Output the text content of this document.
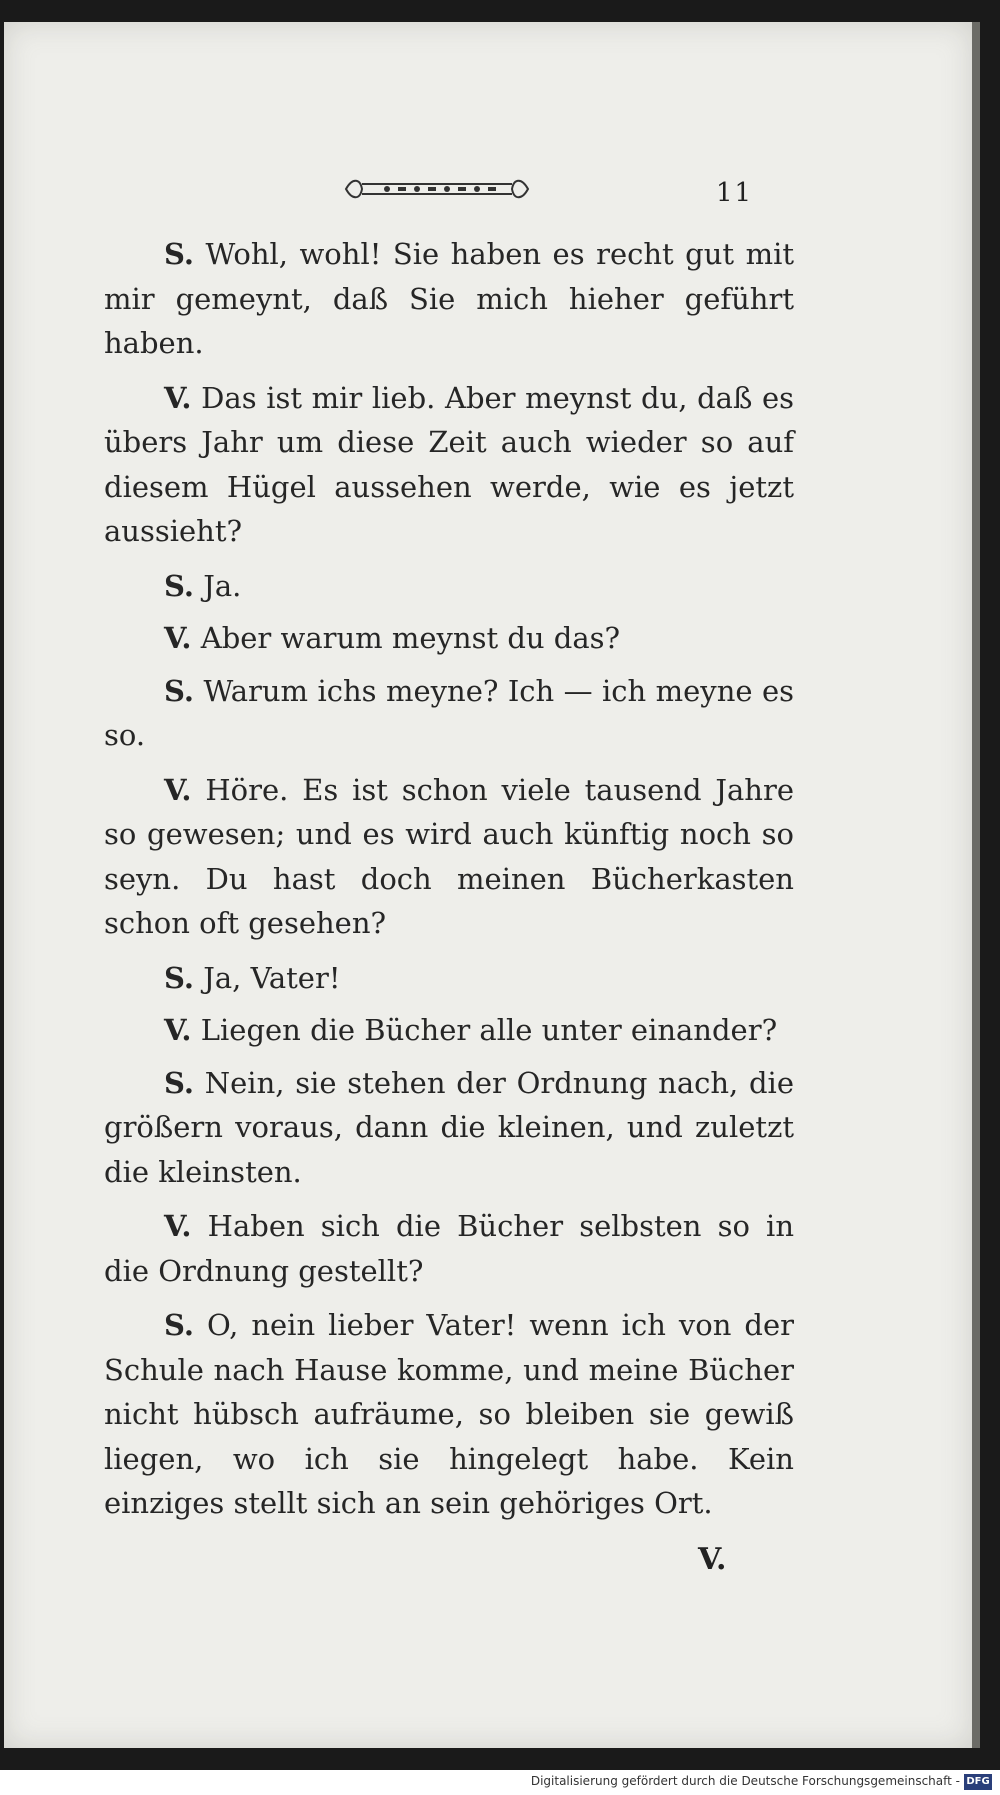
11

S. Wohl, wohl! Sie haben es recht gut mit mir gemeynt, daß Sie mich hieher geführt haben.

V. Das ist mir lieb. Aber meynst du, daß es übers Jahr um diese Zeit auch wieder so auf diesem Hügel aussehen werde, wie es jetzt aussieht?

S. Ja.

V. Aber warum meynst du das?

S. Warum ichs meyne? Ich — ich meyne es so.

V. Höre. Es ist schon viele tausend Jahre so gewesen; und es wird auch künftig noch so seyn. Du hast doch meinen Bücherkasten schon oft gesehen?

S. Ja, Vater!

V. Liegen die Bücher alle unter einander?

S. Nein, sie stehen der Ordnung nach, die größern voraus, dann die kleinen, und zuletzt die kleinsten.

V. Haben sich die Bücher selbsten so in die Ordnung gestellt?

S. O, nein lieber Vater! wenn ich von der Schule nach Hause komme, und meine Bücher nicht hübsch aufräume, so bleiben sie gewiß liegen, wo ich sie hingelegt habe. Kein einziges stellt sich an sein gehöriges Ort.

V.
Digitalisierung gefördert durch die Deutsche Forschungsgemeinschaft - DFG
